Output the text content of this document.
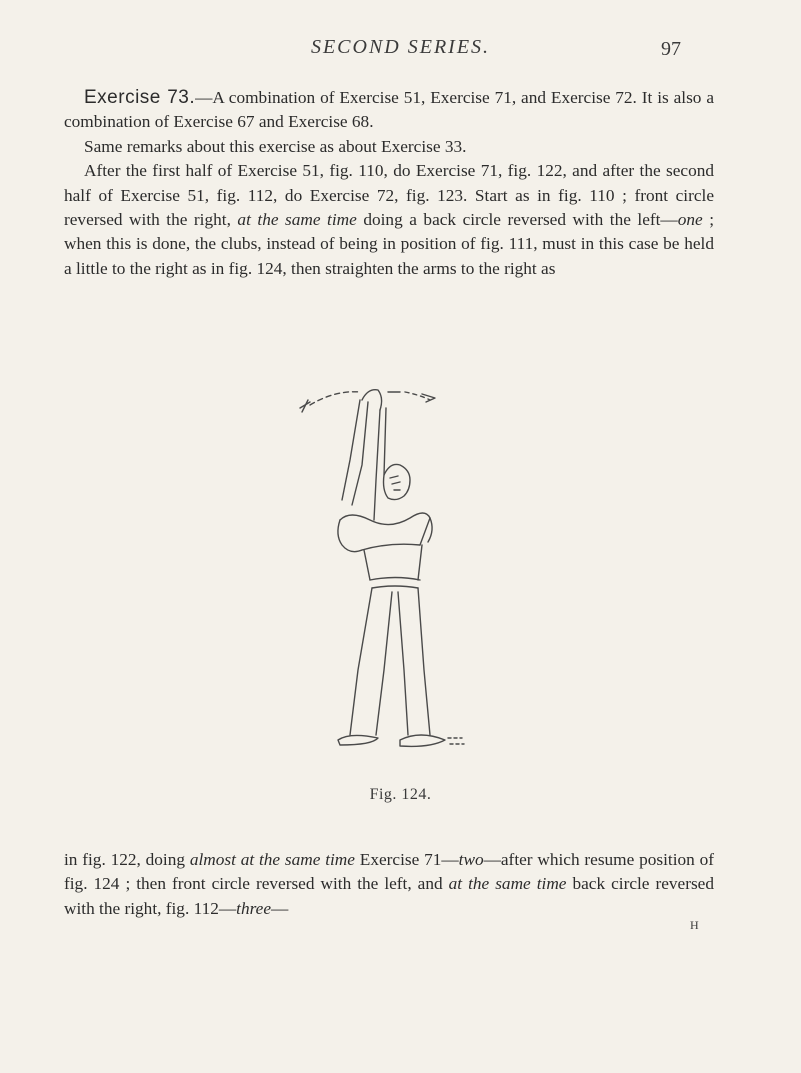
SECOND SERIES.	97

Exercise 73.—A combination of Exercise 51, Exercise 71, and Exercise 72. It is also a combination of Exercise 67 and Exercise 68.

Same remarks about this exercise as about Exercise 33.

After the first half of Exercise 51, fig. 110, do Exercise 71, fig. 122, and after the second half of Exercise 51, fig. 112, do Exercise 72, fig. 123. Start as in fig. 110 ; front circle reversed with the right, at the same time doing a back circle reversed with the left—one ; when this is done, the clubs, instead of being in position of fig. 111, must in this case be held a little to the right as in fig. 124, then straighten the arms to the right as

Fig. 124.

in fig. 122, doing almost at the same time Exercise 71—two—after which resume position of fig. 124 ; then front circle reversed with the left, and at the same time back circle reversed with the right, fig. 112—three—

H
